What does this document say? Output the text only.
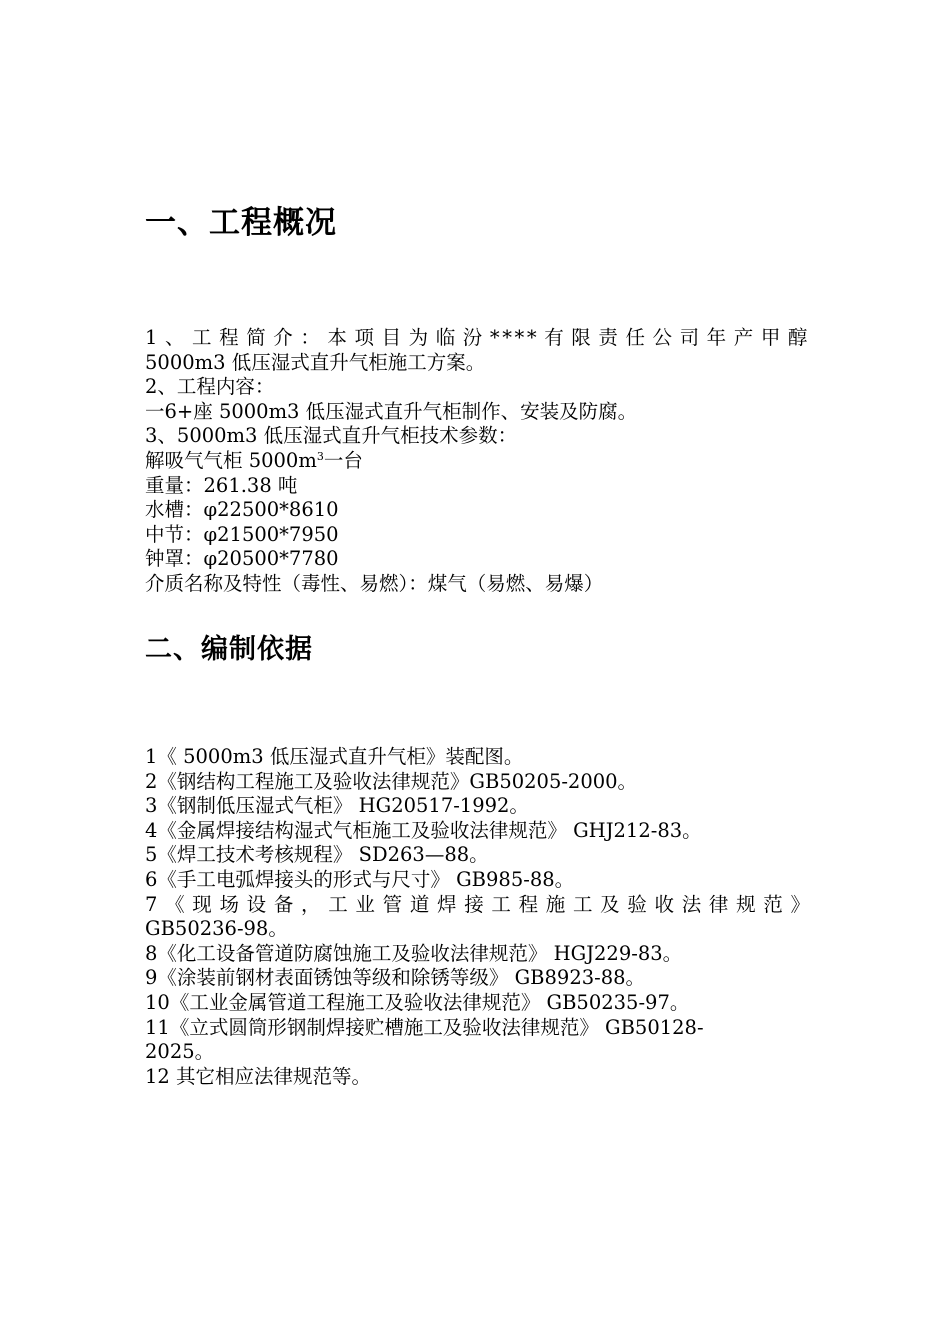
一、工程概况

1、工程简介：本项目为临汾****有限责任公司年产甲醇

5000m3 低压湿式直升气柜施工方案。

2、工程内容：

一6+座 5000m3 低压湿式直升气柜制作、安装及防腐。

3、5000m3 低压湿式直升气柜技术参数：

解吸气气柜 $5000m^3$一台

重量：261.38 吨

水槽：φ22500*8610

中节：φ21500*7950

钟罩：φ20500*7780

介质名称及特性（毒性、易燃）：煤气（易燃、易爆）

二、编制依据

1《 5000m3 低压湿式直升气柜》装配图。

2《钢结构工程施工及验收法律规范》GB50205-2000。

3《钢制低压湿式气柜》 HG20517-1992。

4《金属焊接结构湿式气柜施工及验收法律规范》 GHJ212-83。

5《焊工技术考核规程》 SD263—88。

6《手工电弧焊接头的形式与尺寸》 GB985-88。

7《现场设备，工业管道焊接工程施工及验收法律规范》

GB50236-98。

8《化工设备管道防腐蚀施工及验收法律规范》 HGJ229-83。

9《涂装前钢材表面锈蚀等级和除锈等级》 GB8923-88。

10《工业金属管道工程施工及验收法律规范》 GB50235-97。

11《立式圆筒形钢制焊接贮槽施工及验收法律规范》 GB50128-

2025。

12 其它相应法律规范等。
